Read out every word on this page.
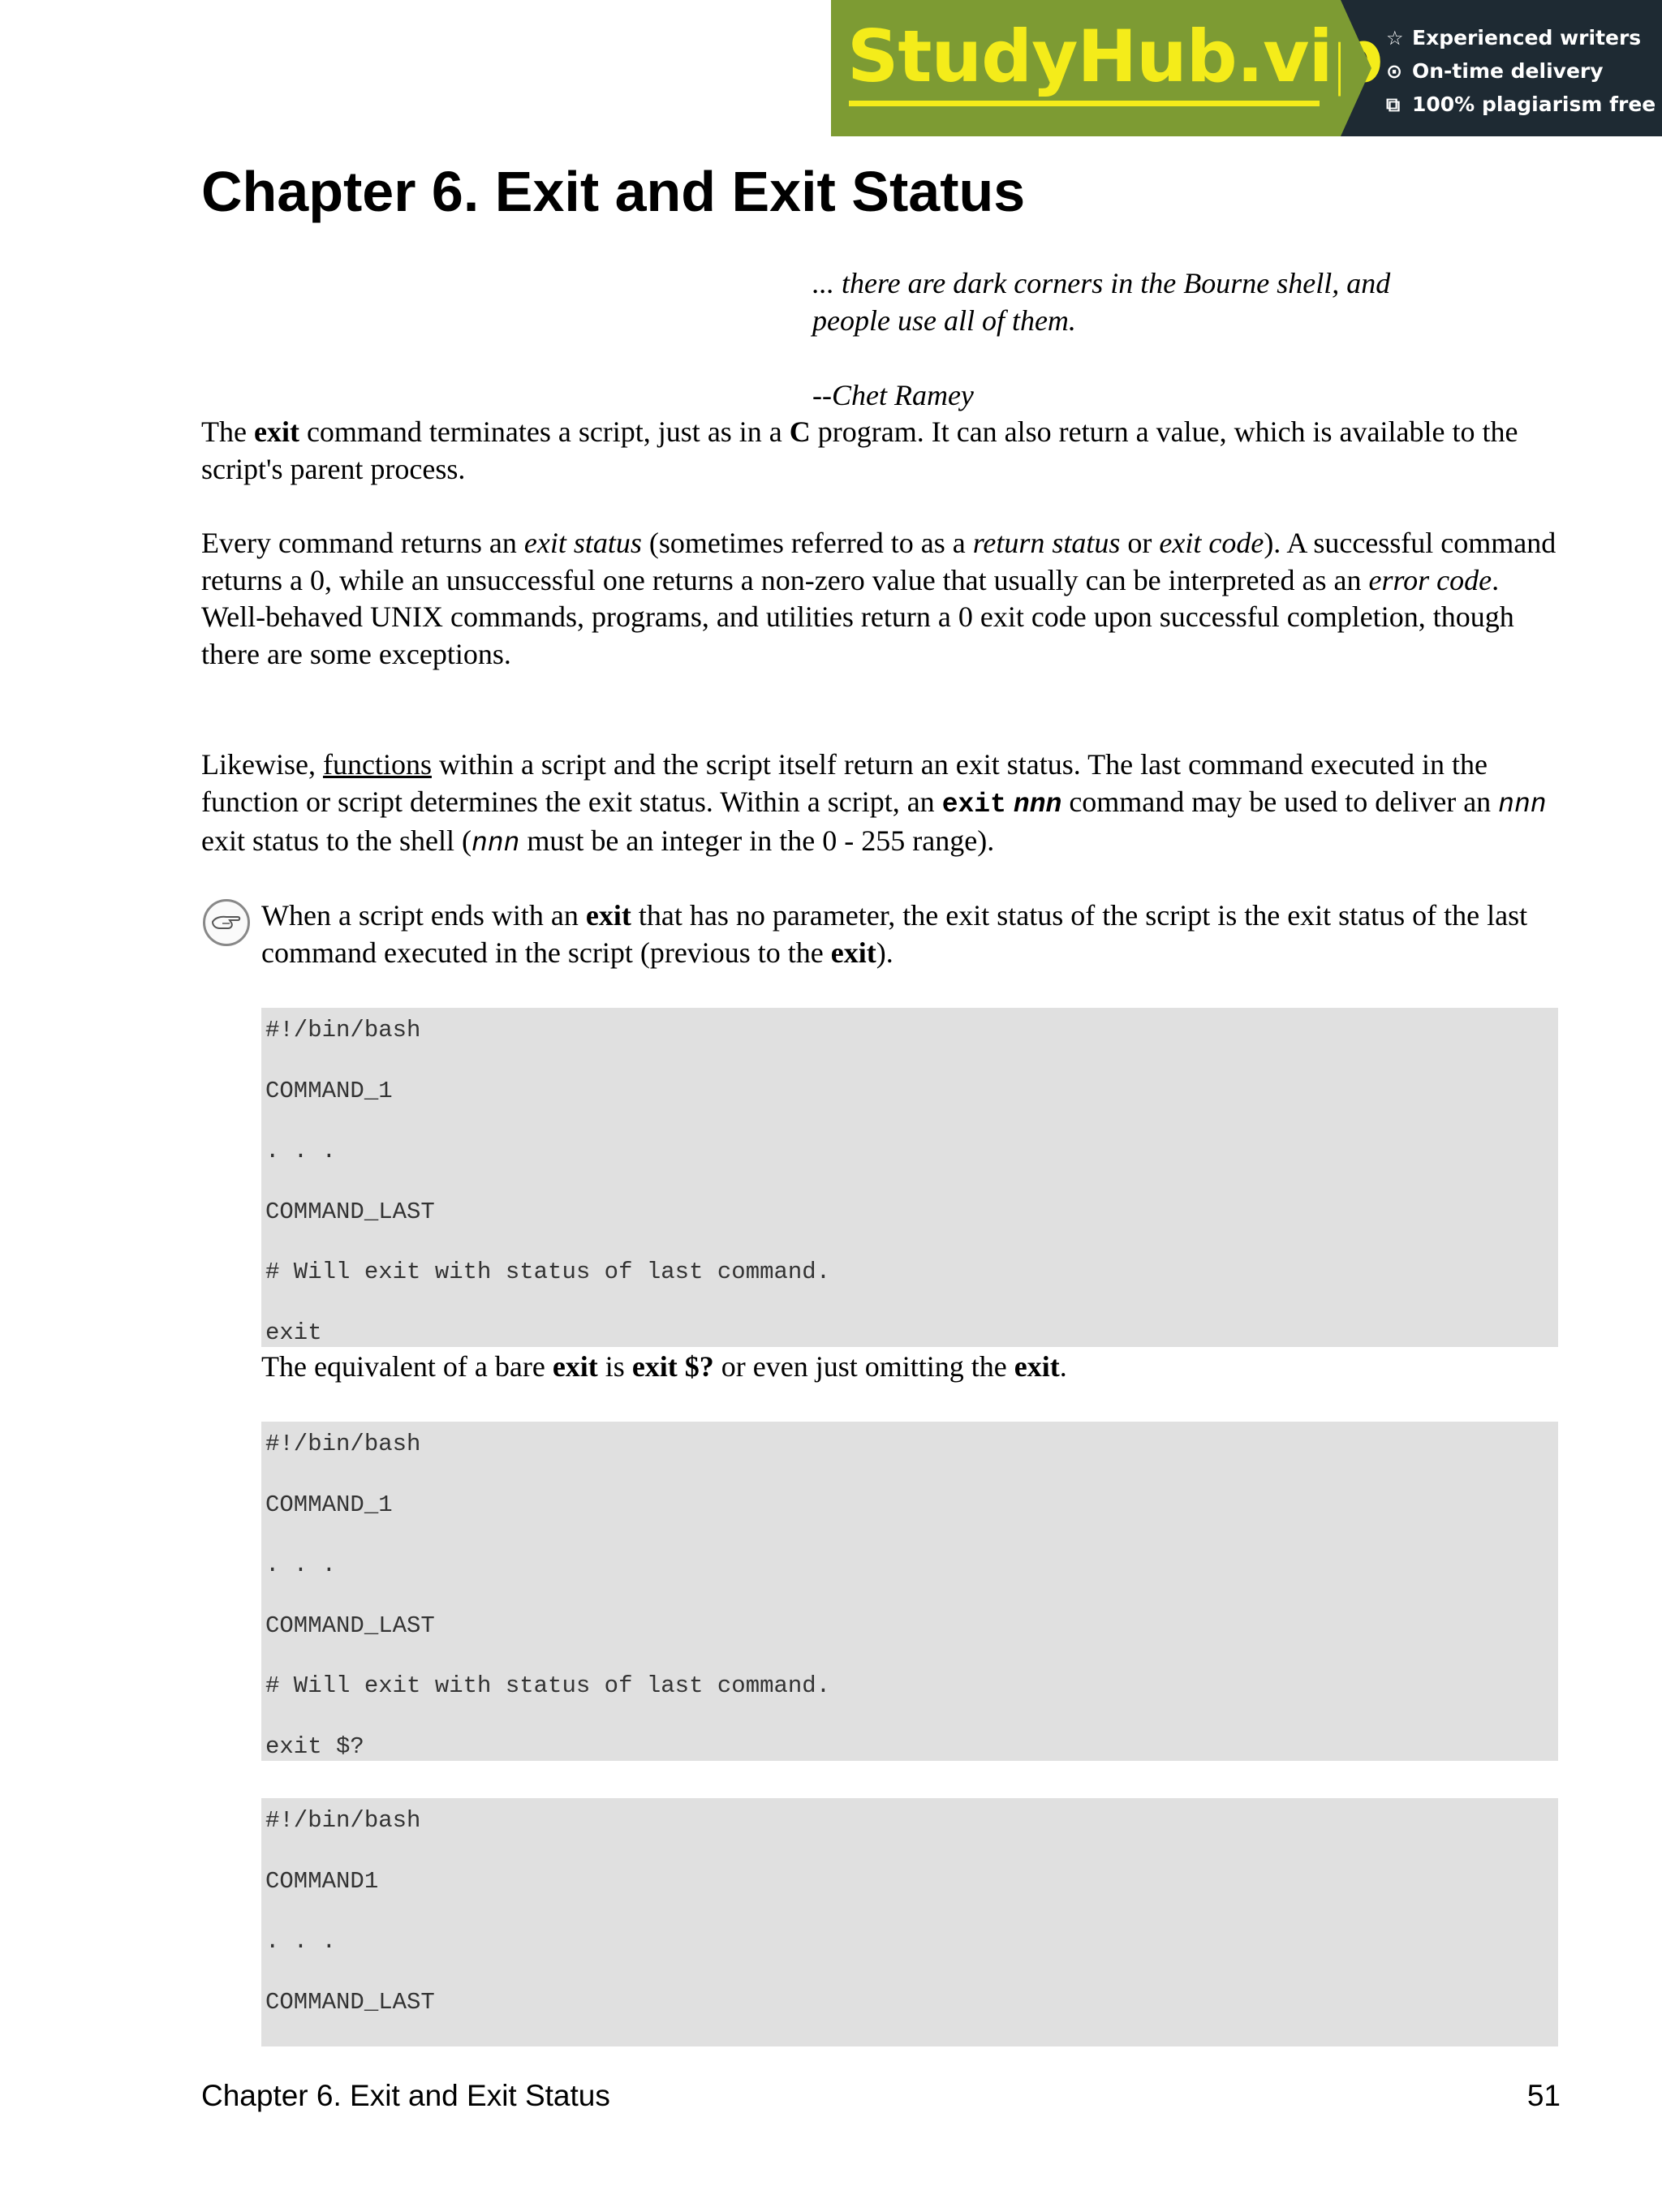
StudyHub.vip ☆ Experienced writers
⊙ On-time delivery
⧉ 100% plagiarism free
Chapter 6. Exit and Exit Status
... there are dark corners in the Bourne shell, and
people use all of them.
--Chet Ramey

The exit command terminates a script, just as in a C program. It can also return a value, which is available to the script's parent process.

Every command returns an exit status (sometimes referred to as a return status or exit code). A successful command returns a 0, while an unsuccessful one returns a non-zero value that usually can be interpreted as an error code. Well-behaved UNIX commands, programs, and utilities return a 0 exit code upon successful completion, though there are some exceptions.

Likewise, functions within a script and the script itself return an exit status. The last command executed in the function or script determines the exit status. Within a script, an exit nnn command may be used to deliver an nnn exit status to the shell (nnn must be an integer in the 0 - 255 range).

When a script ends with an exit that has no parameter, the exit status of the script is the exit status of the last command executed in the script (previous to the exit).
#!/bin/bash
COMMAND_1
. . .
COMMAND_LAST
# Will exit with status of last command.
exit
The equivalent of a bare exit is exit $? or even just omitting the exit.
#!/bin/bash
COMMAND_1
. . .
COMMAND_LAST
# Will exit with status of last command.
exit $?
#!/bin/bash
COMMAND1
. . .
COMMAND_LAST
Chapter 6. Exit and Exit Status	51
